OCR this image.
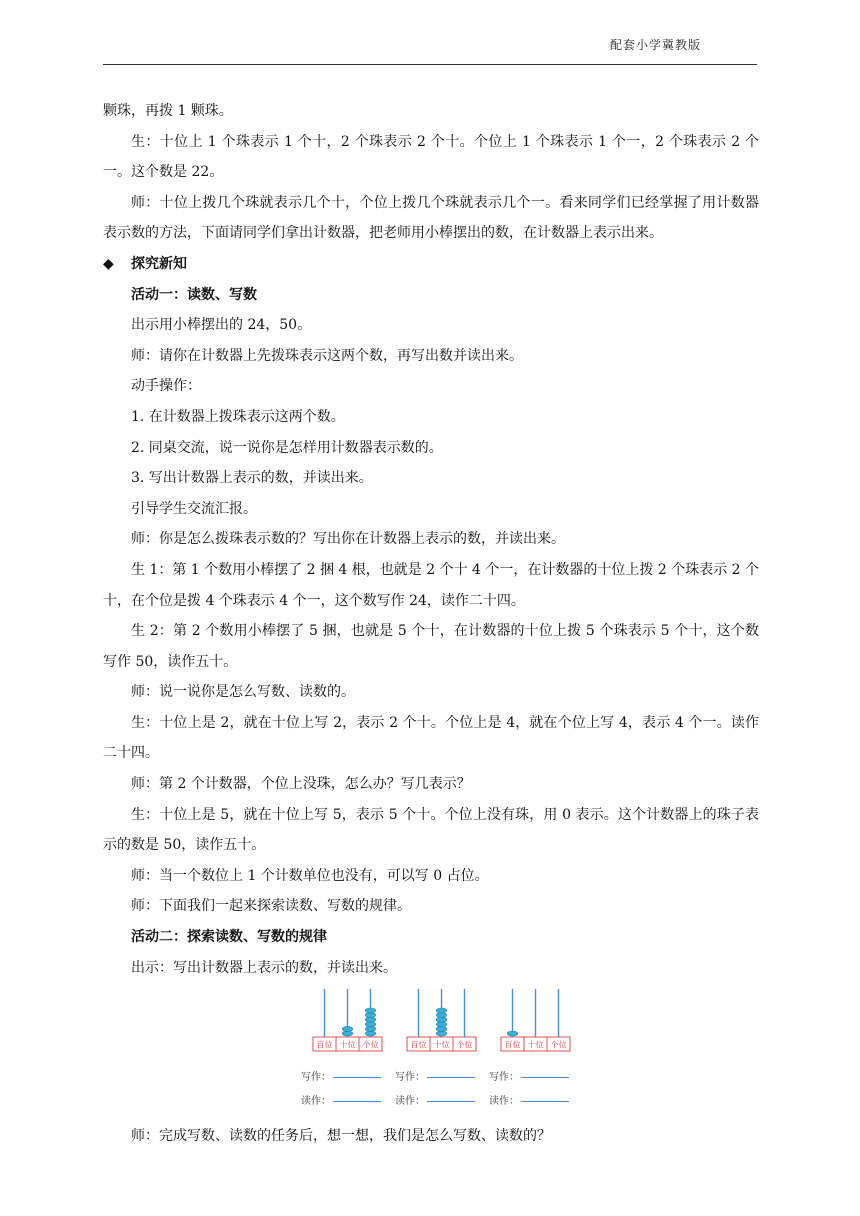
配套小学冀教版

颗珠，再拨 1 颗珠。

生：十位上 1 个珠表示 1 个十，2 个珠表示 2 个十。个位上 1 个珠表示 1 个一，2 个珠表示 2 个一。这个数是 22。

师：十位上拨几个珠就表示几个十，个位上拨几个珠就表示几个一。看来同学们已经掌握了用计数器表示数的方法，下面请同学们拿出计数器，把老师用小棒摆出的数，在计数器上表示出来。

◆ 探究新知

活动一：读数、写数

出示用小棒摆出的 24，50。

师：请你在计数器上先拨珠表示这两个数，再写出数并读出来。

动手操作：

1. 在计数器上拨珠表示这两个数。

2. 同桌交流，说一说你是怎样用计数器表示数的。

3. 写出计数器上表示的数，并读出来。

引导学生交流汇报。

师：你是怎么拨珠表示数的？写出你在计数器上表示的数，并读出来。

生 1：第 1 个数用小棒摆了 2 捆 4 根，也就是 2 个十 4 个一，在计数器的十位上拨 2 个珠表示 2 个十，在个位是拨 4 个珠表示 4 个一，这个数写作 24，读作二十四。

生 2：第 2 个数用小棒摆了 5 捆，也就是 5 个十，在计数器的十位上拨 5 个珠表示 5 个十，这个数写作 50，读作五十。

师：说一说你是怎么写数、读数的。

生：十位上是 2，就在十位上写 2，表示 2 个十。个位上是 4，就在个位上写 4，表示 4 个一。读作二十四。

师：第 2 个计数器，个位上没珠，怎么办？写几表示？

生：十位上是 5，就在十位上写 5，表示 5 个十。个位上没有珠，用 0 表示。这个计数器上的珠子表示的数是 50，读作五十。

师：当一个数位上 1 个计数单位也没有，可以写 0 占位。

师：下面我们一起来探索读数、写数的规律。

活动二：探索读数、写数的规律

出示：写出计数器上表示的数，并读出来。

百位 十位 个位	百位 十位 个位	百位 十位 个位
写作：
读作：
写作：
读作：
写作：
读作：

师：完成写数、读数的任务后，想一想，我们是怎么写数、读数的？
